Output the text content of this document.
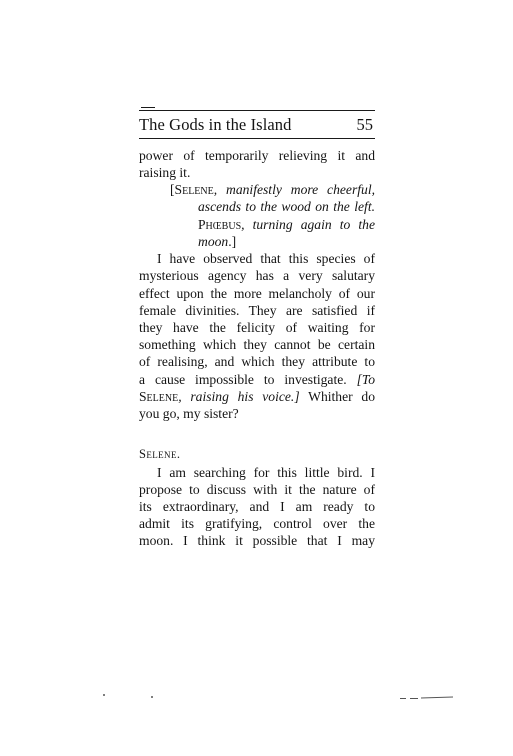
The Gods in the Island	55
power of temporarily relieving it and
raising it.
[Selene, manifestly more cheerful,
ascends to the wood on the left.
Phœbus, turning again to the
moon.]
I have observed that this species of
mysterious agency has a very salutary
effect upon the more melancholy of our
female divinities. They are satisfied if
they have the felicity of waiting for
something which they cannot be certain
of realising, and which they attribute to
a cause impossible to investigate. [To
Selene, raising his voice.] Whither do
you go, my sister?
Selene.
I am searching for this little bird. I
propose to discuss with it the nature of
its extraordinary, and I am ready to
admit its gratifying, control over the
moon. I think it possible that I may
